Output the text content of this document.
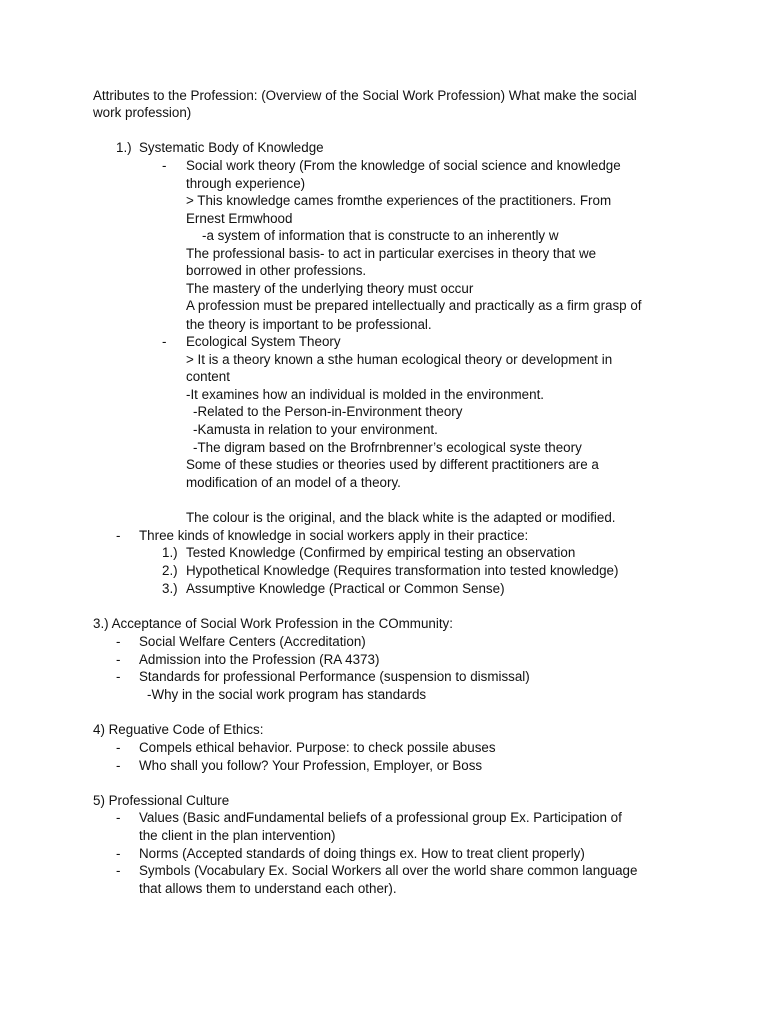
Attributes to the Profession: (Overview of the Social Work Profession) What make the social
work profession)
1.) Systematic Body of Knowledge
- Social work theory (From the knowledge of social science and knowledge
through experience)
> This knowledge cames fromthe experiences of the practitioners. From
Ernest Ermwhood
-a system of information that is constructe to an inherently w
The professional basis- to act in particular exercises in theory that we
borrowed in other professions.
The mastery of the underlying theory must occur
A profession must be prepared intellectually and practically as a firm grasp of
the theory is important to be professional.
- Ecological System Theory
> It is a theory known a sthe human ecological theory or development in
content
-It examines how an individual is molded in the environment.
-Related to the Person-in-Environment theory
-Kamusta in relation to your environment.
-The digram based on the Brofrnbrenner’s ecological syste theory
Some of these studies or theories used by different practitioners are a
modification of an model of a theory.
The colour is the original, and the black white is the adapted or modified.
- Three kinds of knowledge in social workers apply in their practice:
1.) Tested Knowledge (Confirmed by empirical testing an observation
2.) Hypothetical Knowledge (Requires transformation into tested knowledge)
3.) Assumptive Knowledge (Practical or Common Sense)
3.) Acceptance of Social Work Profession in the COmmunity:
- Social Welfare Centers (Accreditation)
- Admission into the Profession (RA 4373)
- Standards for professional Performance (suspension to dismissal)
-Why in the social work program has standards
4) Reguative Code of Ethics:
- Compels ethical behavior. Purpose: to check possile abuses
- Who shall you follow? Your Profession, Employer, or Boss
5) Professional Culture
- Values (Basic andFundamental beliefs of a professional group Ex. Participation of
the client in the plan intervention)
- Norms (Accepted standards of doing things ex. How to treat client properly)
- Symbols (Vocabulary Ex. Social Workers all over the world share common language
that allows them to understand each other).
